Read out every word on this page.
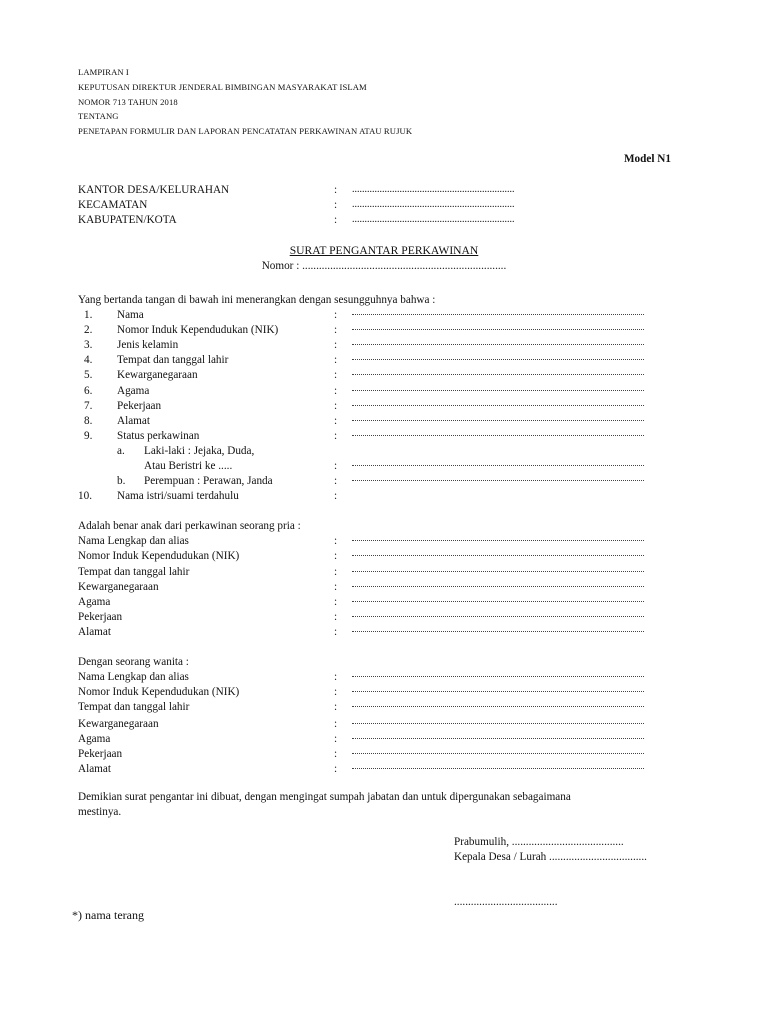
LAMPIRAN I
KEPUTUSAN DIREKTUR JENDERAL BIMBINGAN MASYARAKAT ISLAM
NOMOR 713 TAHUN 2018
TENTANG
PENETAPAN FORMULIR DAN LAPORAN PENCATATAN PERKAWINAN ATAU RUJUK
Model N1
KANTOR DESA/KELURAHAN	: .................................................................
KECAMATAN	: .................................................................
KABUPATEN/KOTA	: .................................................................
SURAT PENGANTAR PERKAWINAN
Nomor : .........................................................................
Yang bertanda tangan di bawah ini menerangkan dengan sesungguhnya bahwa :
1. Nama	:
2. Nomor Induk Kependudukan (NIK)	:
3. Jenis kelamin	:
4. Tempat dan tanggal lahir	:
5. Kewarganegaraan	:
6. Agama	:
7. Pekerjaan	:
8. Alamat	:
9. Status perkawinan	:
a. Laki-laki : Jejaka, Duda,
Atau Beristri ke .....	:
b. Perempuan : Perawan, Janda	:
10. Nama istri/suami terdahulu	:
Adalah benar anak dari perkawinan seorang pria :
Nama Lengkap dan alias	:
Nomor Induk Kependudukan (NIK)	:
Tempat dan tanggal lahir	:
Kewarganegaraan	:
Agama	:
Pekerjaan	:
Alamat	:
Dengan seorang wanita :
Nama Lengkap dan alias	:
Nomor Induk Kependudukan (NIK)	:
Tempat dan tanggal lahir	:
Kewarganegaraan	:
Agama	:
Pekerjaan	:
Alamat	:
Demikian surat pengantar ini dibuat, dengan mengingat sumpah jabatan dan untuk dipergunakan sebagaimana
mestinya.
Prabumulih, ........................................
Kepala Desa / Lurah ...................................
.....................................
*) nama terang
